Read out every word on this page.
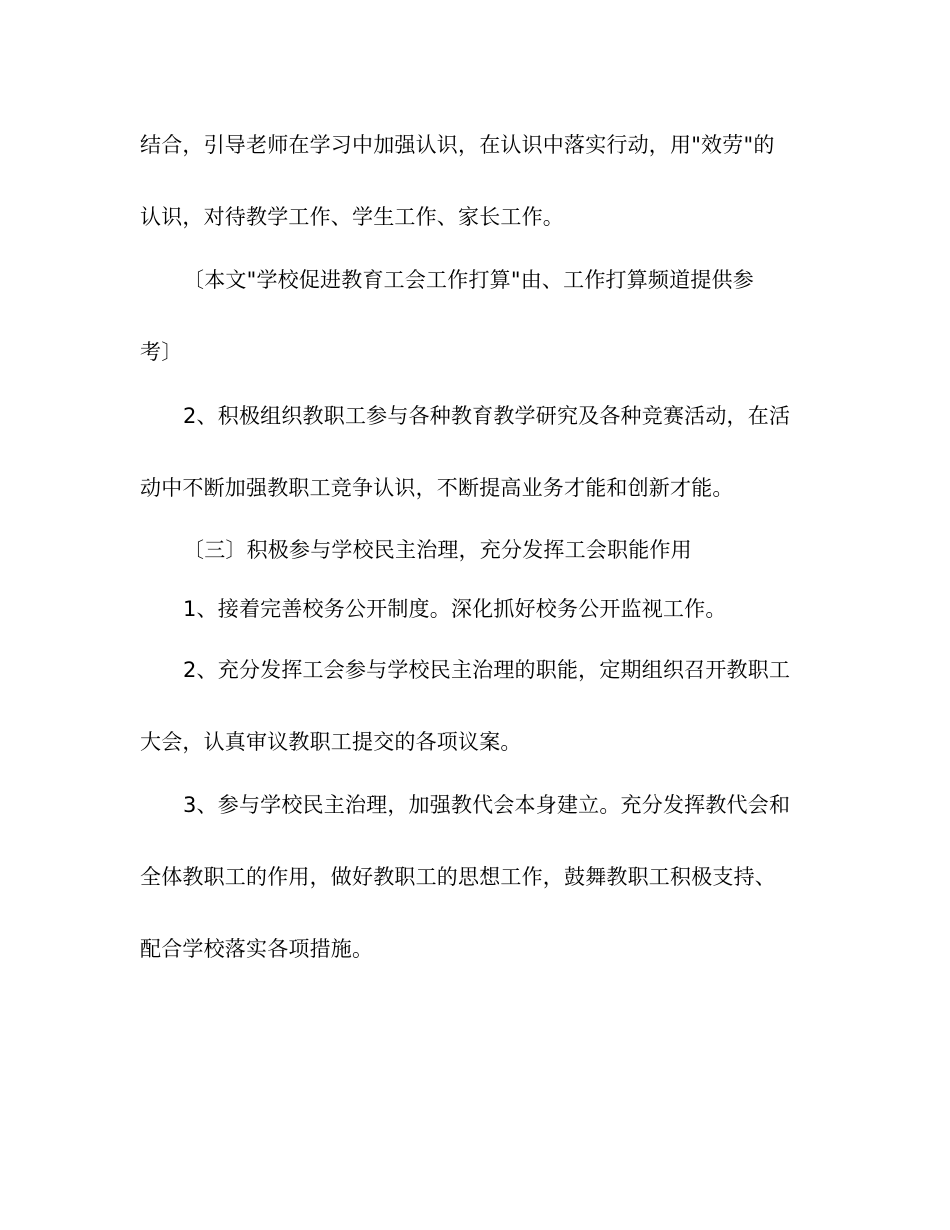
结合，引导老师在学习中加强认识，在认识中落实行动，用"效劳"的
认识，对待教学工作、学生工作、家长工作。
〔本文"学校促进教育工会工作打算"由、工作打算频道提供参
考〕
2、积极组织教职工参与各种教育教学研究及各种竞赛活动，在活
动中不断加强教职工竞争认识，不断提高业务才能和创新才能。
〔三〕积极参与学校民主治理，充分发挥工会职能作用
1、接着完善校务公开制度。深化抓好校务公开监视工作。
2、充分发挥工会参与学校民主治理的职能，定期组织召开教职工
大会，认真审议教职工提交的各项议案。
3、参与学校民主治理，加强教代会本身建立。充分发挥教代会和
全体教职工的作用，做好教职工的思想工作，鼓舞教职工积极支持、
配合学校落实各项措施。
